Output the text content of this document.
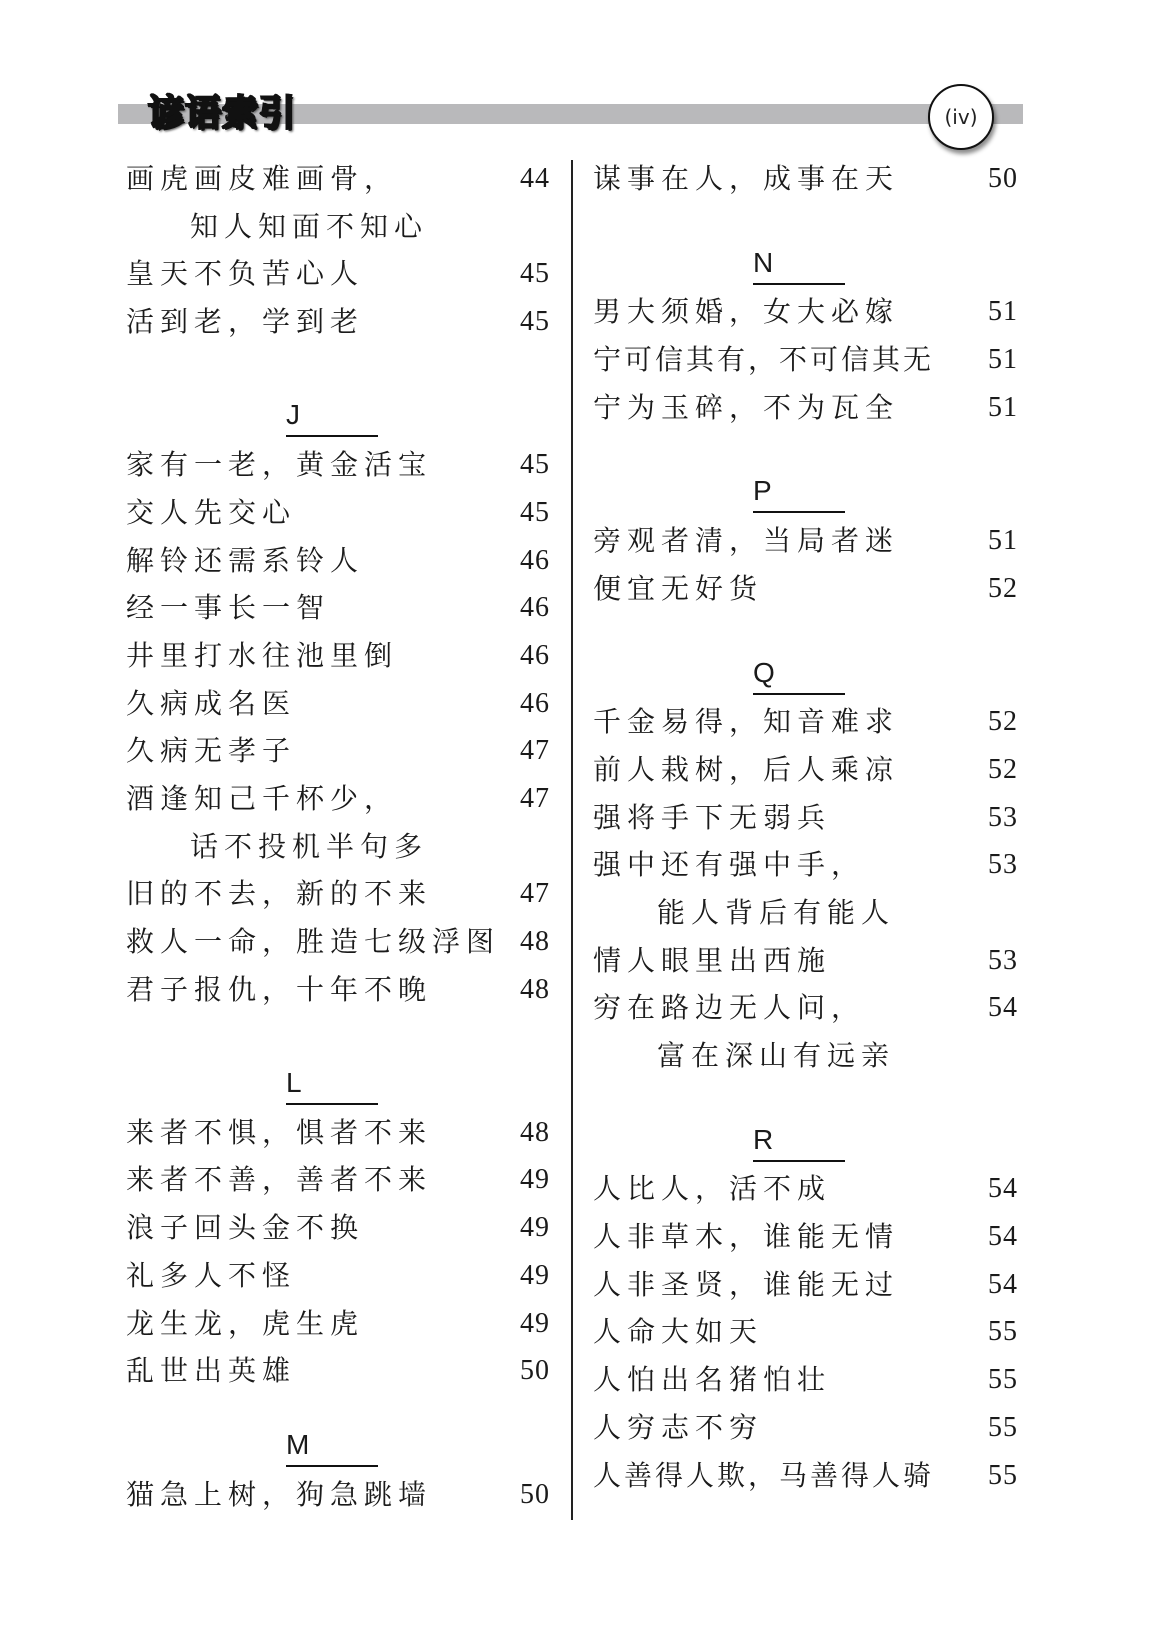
谚语索引	(iv)
画虎画皮难画骨，	44
知人知面不知心
皇天不负苦心人	45
活到老，学到老	45
J
家有一老，黄金活宝	45
交人先交心	45
解铃还需系铃人	46
经一事长一智	46
井里打水往池里倒	46
久病成名医	46
久病无孝子	47
酒逢知己千杯少，	47
话不投机半句多
旧的不去，新的不来	47
救人一命，胜造七级浮图 48
君子报仇，十年不晚	48
L
来者不惧，惧者不来	48
来者不善，善者不来	49
浪子回头金不换	49
礼多人不怪	49
龙生龙，虎生虎	49
乱世出英雄	50
M
猫急上树，狗急跳墙	50
谋事在人，成事在天	50
N
男大须婚，女大必嫁	51
宁可信其有，不可信其无 51
宁为玉碎，不为瓦全	51
P
旁观者清，当局者迷	51
便宜无好货	52
Q
千金易得，知音难求	52
前人栽树，后人乘凉	52
强将手下无弱兵	53
强中还有强中手，	53
能人背后有能人
情人眼里出西施	53
穷在路边无人问，	54
富在深山有远亲
R
人比人，活不成	54
人非草木，谁能无情	54
人非圣贤，谁能无过	54
人命大如天	55
人怕出名猪怕壮	55
人穷志不穷	55
人善得人欺，马善得人骑 55
